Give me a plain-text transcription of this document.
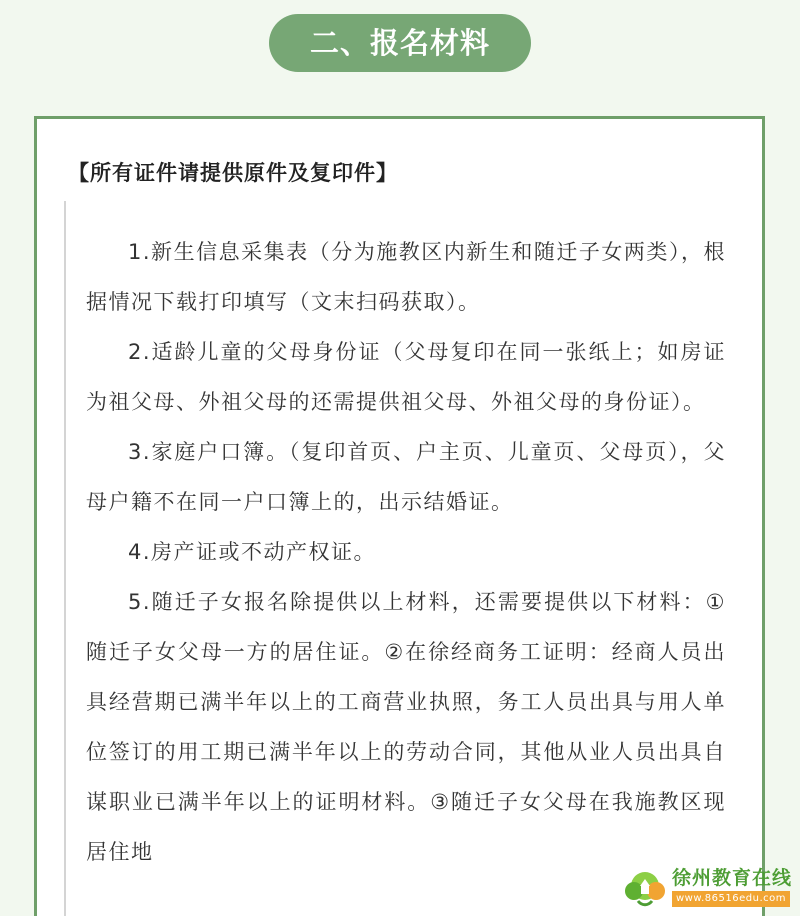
二、报名材料
【所有证件请提供原件及复印件】

1.新生信息采集表（分为施教区内新生和随迁子女两类），根据情况下载打印填写（文末扫码获取）。

2.适龄儿童的父母身份证（父母复印在同一张纸上；如房证为祖父母、外祖父母的还需提供祖父母、外祖父母的身份证）。

3.家庭户口簿。（复印首页、户主页、儿童页、父母页），父母户籍不在同一户口簿上的，出示结婚证。

4.房产证或不动产权证。

5.随迁子女报名除提供以上材料，还需要提供以下材料：①随迁子女父母一方的居住证。②在徐经商务工证明：经商人员出具经营期已满半年以上的工商营业执照，务工人员出具与用人单位签订的用工期已满半年以上的劳动合同，其他从业人员出具自谋职业已满半年以上的证明材料。③随迁子女父母在我施教区现居住地

徐州教育在线
www.86516edu.com
